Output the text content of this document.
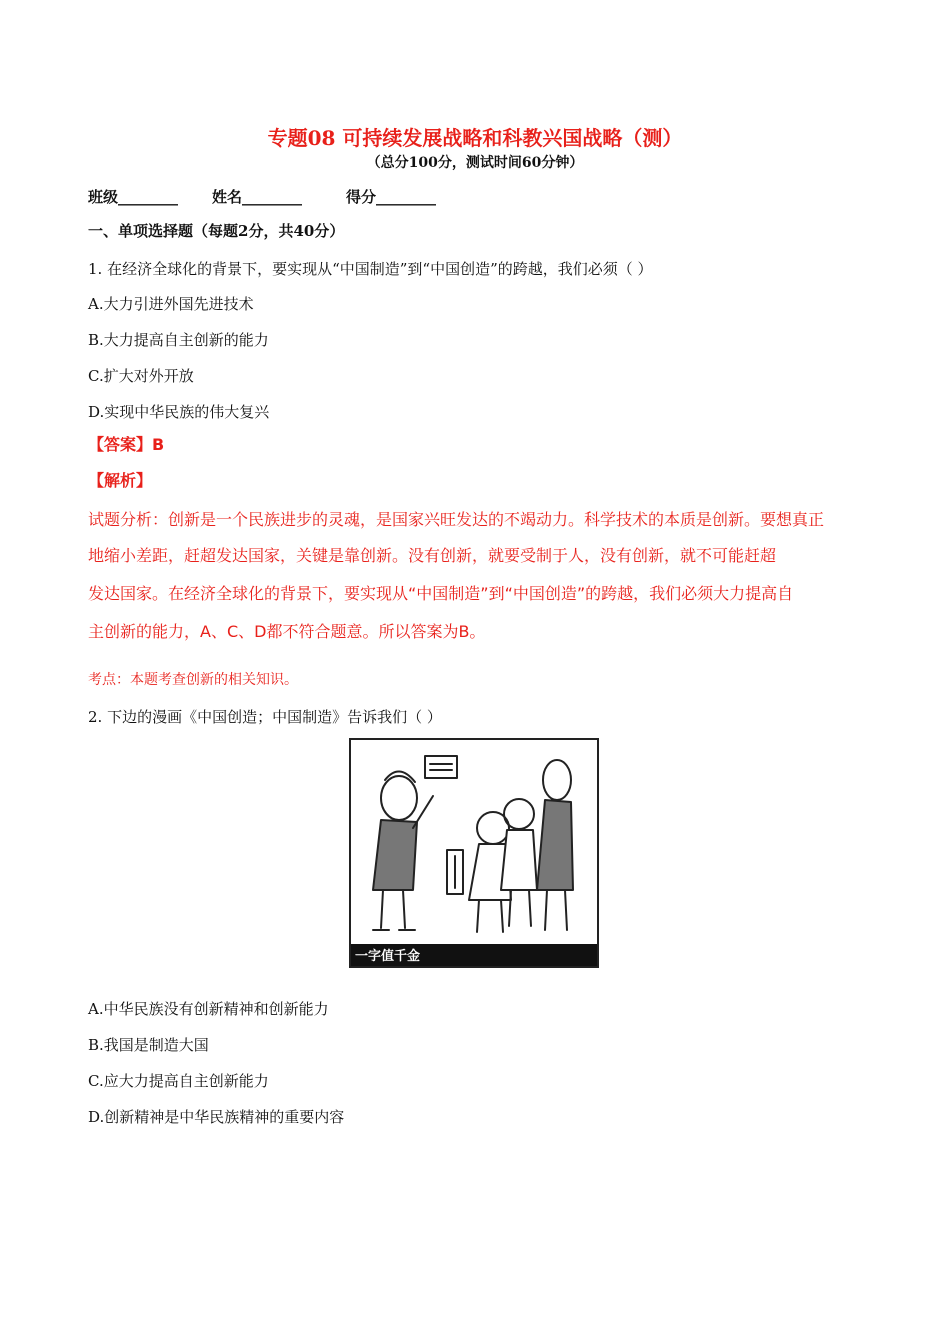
专题08 可持续发展战略和科教兴国战略（测）
（总分100分，测试时间60分钟）
班级________ 姓名________	得分________
一、单项选择题（每题2分，共40分）
1. 在经济全球化的背景下，要实现从“中国制造”到“中国创造”的跨越，我们必须（ ）
A.大力引进外国先进技术
B.大力提高自主创新的能力
C.扩大对外开放
D.实现中华民族的伟大复兴
【答案】B
【解析】
试题分析：创新是一个民族进步的灵魂，是国家兴旺发达的不竭动力。科学技术的本质是创新。要想真正
地缩小差距，赶超发达国家，关键是靠创新。没有创新，就要受制于人，没有创新，就不可能赶超
发达国家。在经济全球化的背景下，要实现从“中国制造”到“中国创造”的跨越，我们必须大力提高自
主创新的能力，A、C、D都不符合题意。所以答案为B。
考点：本题考查创新的相关知识。
2. 下边的漫画《中国创造；中国制造》告诉我们（ ）
一字值千金
A.中华民族没有创新精神和创新能力
B.我国是制造大国
C.应大力提高自主创新能力
D.创新精神是中华民族精神的重要内容
